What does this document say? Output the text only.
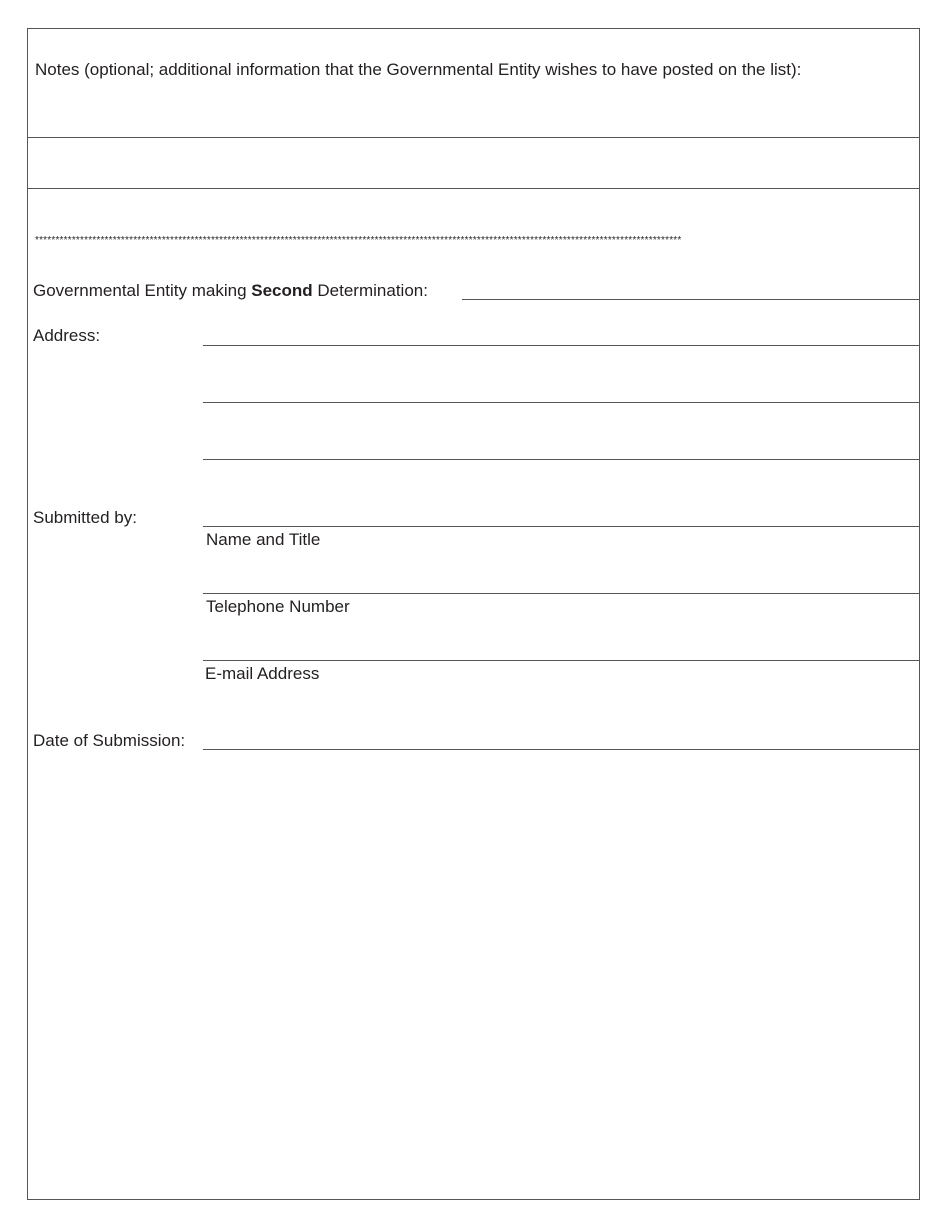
Notes (optional; additional information that the Governmental Entity wishes to have posted on the list):
**************************************************************************************************************************************************************
Governmental Entity making Second Determination:
Address:
Submitted by:
Name and Title
Telephone Number
E-mail Address
Date of Submission:
